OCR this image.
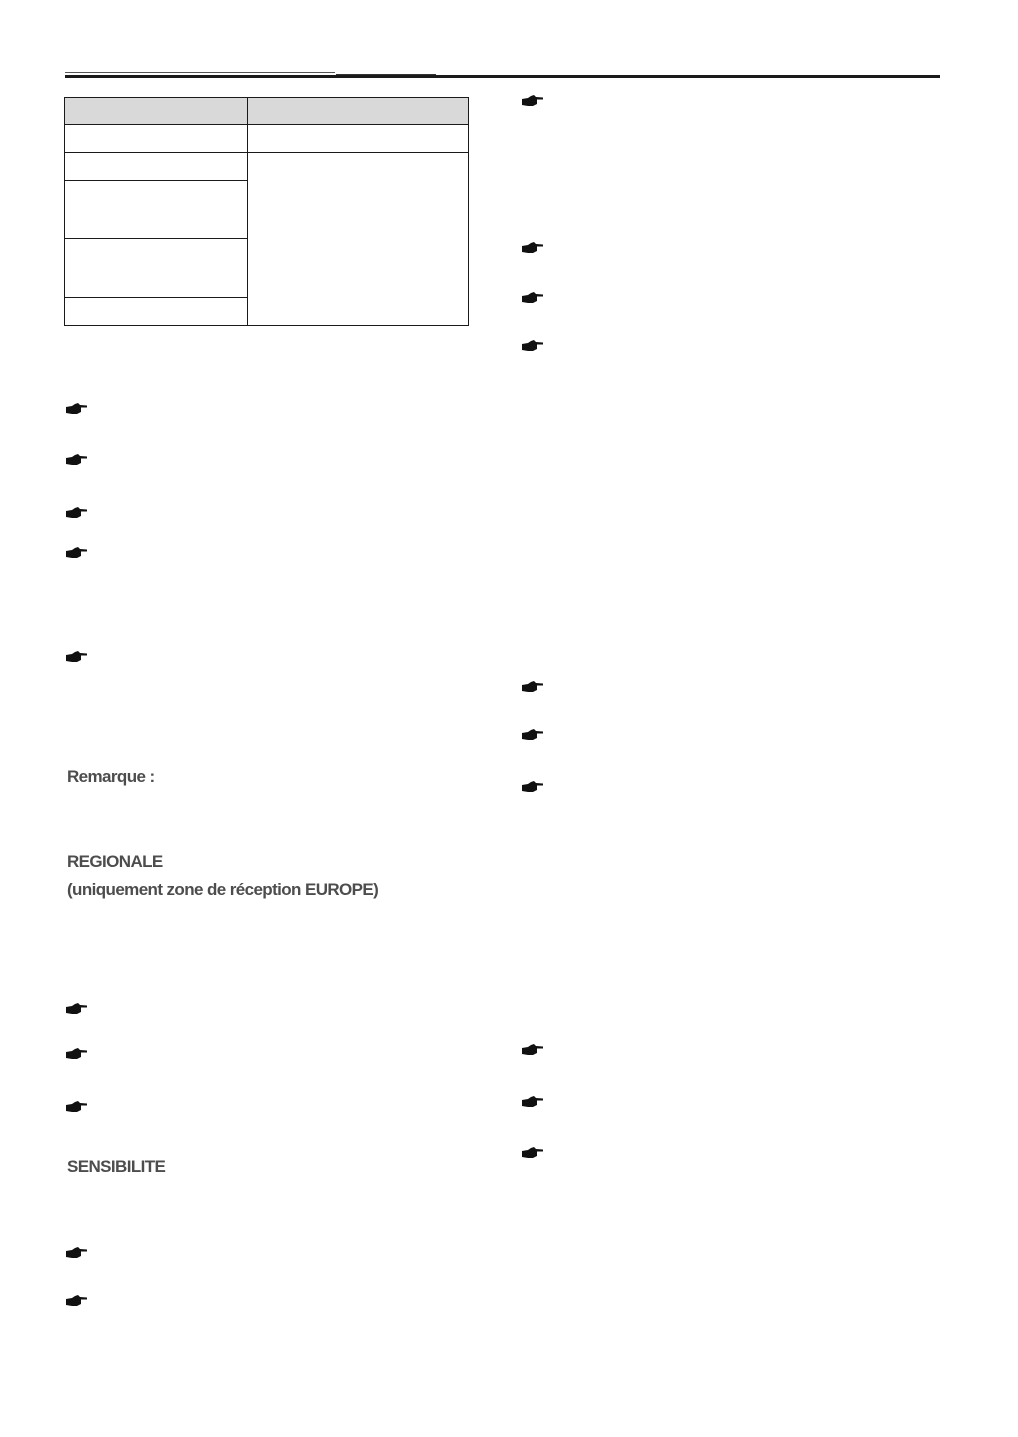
Remarque :

REGIONALE

(uniquement zone de réception EUROPE)

SENSIBILITE
